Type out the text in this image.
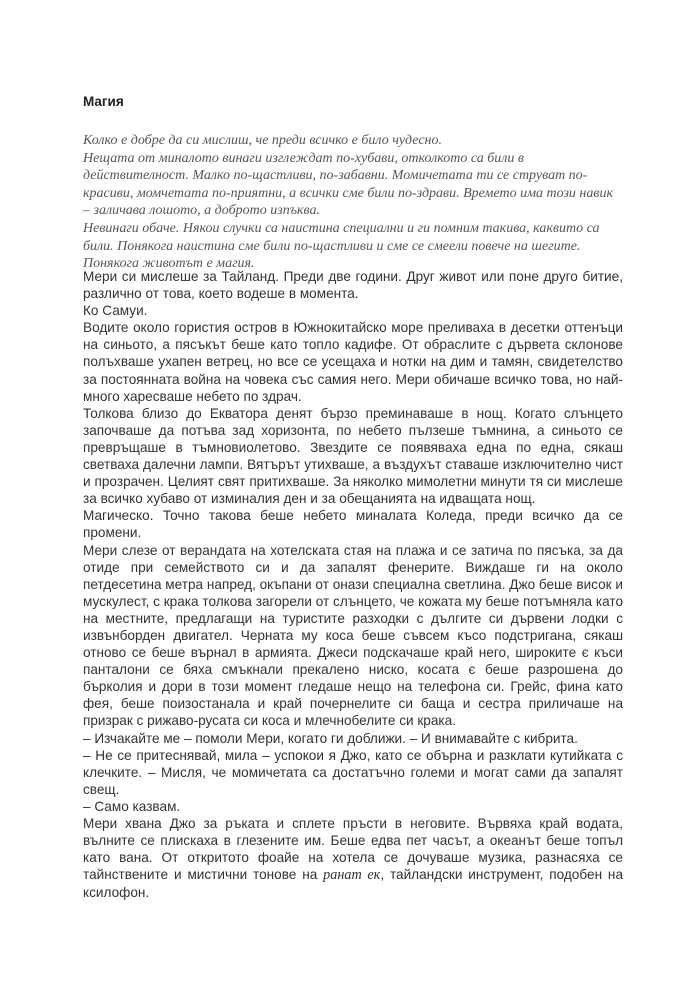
Магия

Колко е добре да си мислиш, че преди всичко е било чудесно.

Нещата от миналото винаги изглеждат по-хубави, отколкото са били в действителност. Малко по-щастливи, по-забавни. Момичетата ти се струват по-красиви, момчетата по-приятни, а всички сме били по-здрави. Времето има този навик – заличава лошото, а доброто изпъква.

Невинаги обаче. Някои случки са наистина специални и ги помним такива, каквито са били. Понякога наистина сме били по-щастливи и сме се смеели повече на шегите.

Понякога животът е магия.

Мери си мислеше за Тайланд. Преди две години. Друг живот или поне друго битие, различно от това, което водеше в момента.

Ко Самуи.

Водите около гористия остров в Южнокитайско море преливаха в десетки оттенъци на синьото, а пясъкът беше като топло кадифе. От обраслите с дървета склонове полъхваше ухапен ветрец, но все се усещаха и нотки на дим и тамян, свидетелство за постоянната война на човека със самия него. Мери обичаше всичко това, но най-много харесваше небето по здрач.

Толкова близо до Екватора денят бързо преминаваше в нощ. Когато слънцето започваше да потъва зад хоризонта, по небето пълзеше тъмнина, а синьото се превръщаше в тъмновиолетово. Звездите се появяваха една по една, сякаш светваха далечни лампи. Вятърът утихваше, а въздухът ставаше изключително чист и прозрачен. Целият свят притихваше. За няколко мимолетни минути тя си мислеше за всичко хубаво от изминалия ден и за обещанията на идващата нощ.

Магическо. Точно такова беше небето миналата Коледа, преди всичко да се промени.

Мери слезе от верандата на хотелската стая на плажа и се затича по пясъка, за да отиде при семейството си и да запалят фенерите. Виждаше ги на около петдесетина метра напред, окъпани от онази специална светлина. Джо беше висок и мускулест, с крака толкова загорели от слънцето, че кожата му беше потъмняла като на местните, предлагащи на туристите разходки с дългите си дървени лодки с извънборден двигател. Черната му коса беше съвсем късо подстригана, сякаш отново се беше върнал в армията. Джеси подскачаше край него, широките є къси панталони се бяха смъкнали прекалено ниско, косата є беше разрошена до бърколия и дори в този момент гледаше нещо на телефона си. Грейс, фина като фея, беше поизостанала и край почернелите си баща и сестра приличаше на призрак с рижаво-русата си коса и млечнобелите си крака.

– Изчакайте ме – помоли Мери, когато ги доближи. – И внимавайте с кибрита.

– Не се притеснявай, мила – успокои я Джо, като се обърна и разклати кутийката с клечките. – Мисля, че момичетата са достатъчно големи и могат сами да запалят свещ.

– Само казвам.

Мери хвана Джо за ръката и сплете пръсти в неговите. Вървяха край водата, вълните се плискаха в глезените им. Беше едва пет часът, а океанът беше топъл като вана. От откритото фоайе на хотела се дочуваше музика, разнасяха се тайнствените и мистични тонове на ранат ек, тайландски инструмент, подобен на ксилофон.
